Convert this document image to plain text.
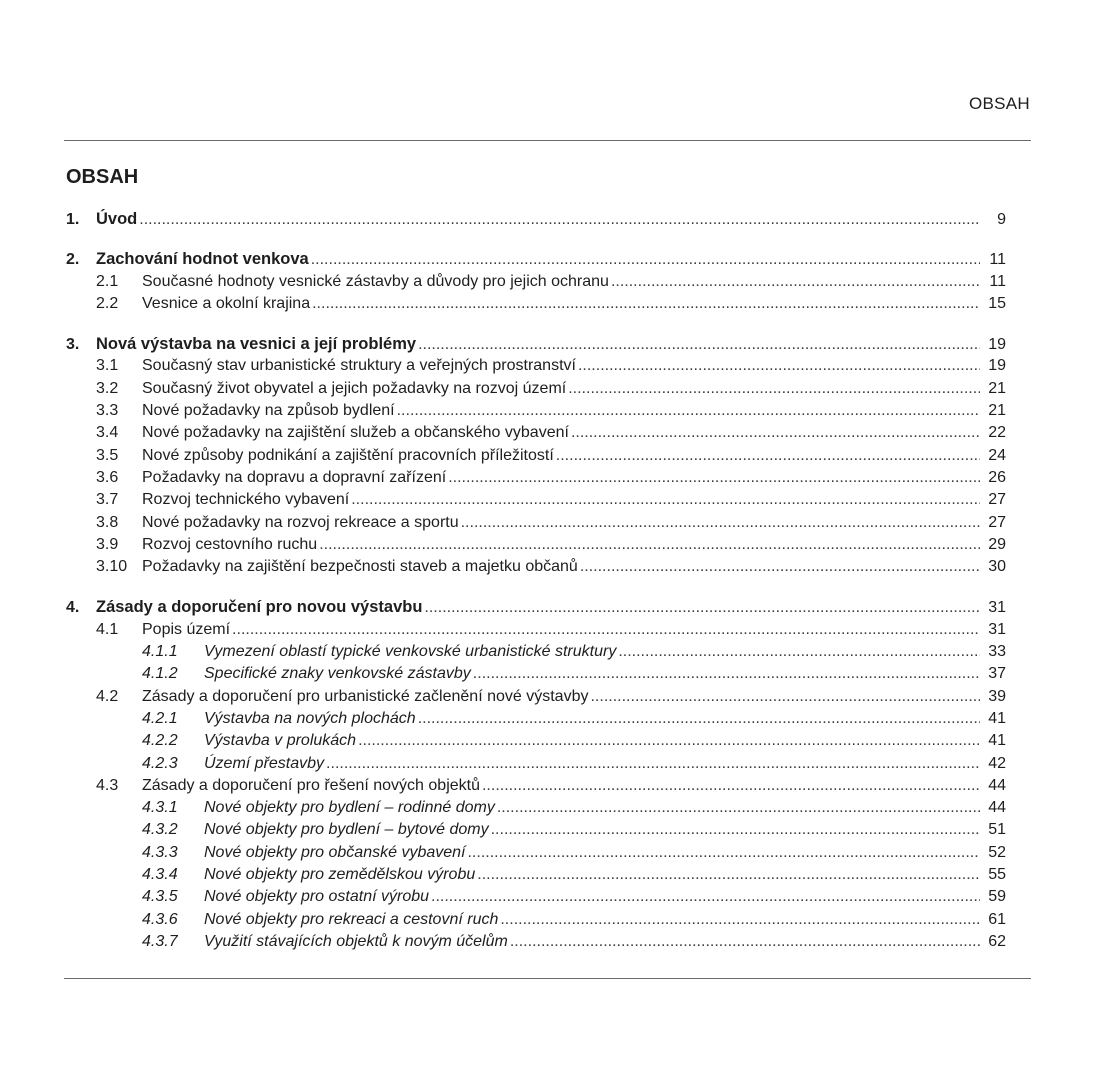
OBSAH
OBSAH
1.	Úvod .....	9
2.	Zachování hodnot venkova .....	11
2.1	Současné hodnoty vesnické zástavby a důvody pro jejich ochranu .....	11
2.2	Vesnice a okolní krajina .....	15
3.	Nová výstavba na vesnici a její problémy .....	19
3.1	Současný stav urbanistické struktury a veřejných prostranství .....	19
3.2	Současný život obyvatel a jejich požadavky na rozvoj území .....	21
3.3	Nové požadavky na způsob bydlení .....	21
3.4	Nové požadavky na zajištění služeb a občanského vybavení .....	22
3.5	Nové způsoby podnikání a zajištění pracovních příležitostí .....	24
3.6	Požadavky na dopravu a dopravní zařízení .....	26
3.7	Rozvoj technického vybavení .....	27
3.8	Nové požadavky na rozvoj rekreace a sportu .....	27
3.9	Rozvoj cestovního ruchu .....	29
3.10 Požadavky na zajištění bezpečnosti staveb a majetku občanů .....	30
4.	Zásady a doporučení pro novou výstavbu .....	31
4.1	Popis území .....	31
4.1.1	Vymezení oblastí typické venkovské urbanistické struktury .....	33
4.1.2	Specifické znaky venkovské zástavby .....	37
4.2	Zásady a doporučení pro urbanistické začlenění nové výstavby .....	39
4.2.1	Výstavba na nových plochách .....	41
4.2.2	Výstavba v prolukách .....	41
4.2.3	Území přestavby .....	42
4.3	Zásady a doporučení pro řešení nových objektů .....	44
4.3.1	Nové objekty pro bydlení – rodinné domy .....	44
4.3.2	Nové objekty pro bydlení – bytové domy .....	51
4.3.3	Nové objekty pro občanské vybavení .....	52
4.3.4	Nové objekty pro zemědělskou výrobu .....	55
4.3.5	Nové objekty pro ostatní výrobu .....	59
4.3.6	Nové objekty pro rekreaci a cestovní ruch .....	61
4.3.7	Využití stávajících objektů k novým účelům .....	62
